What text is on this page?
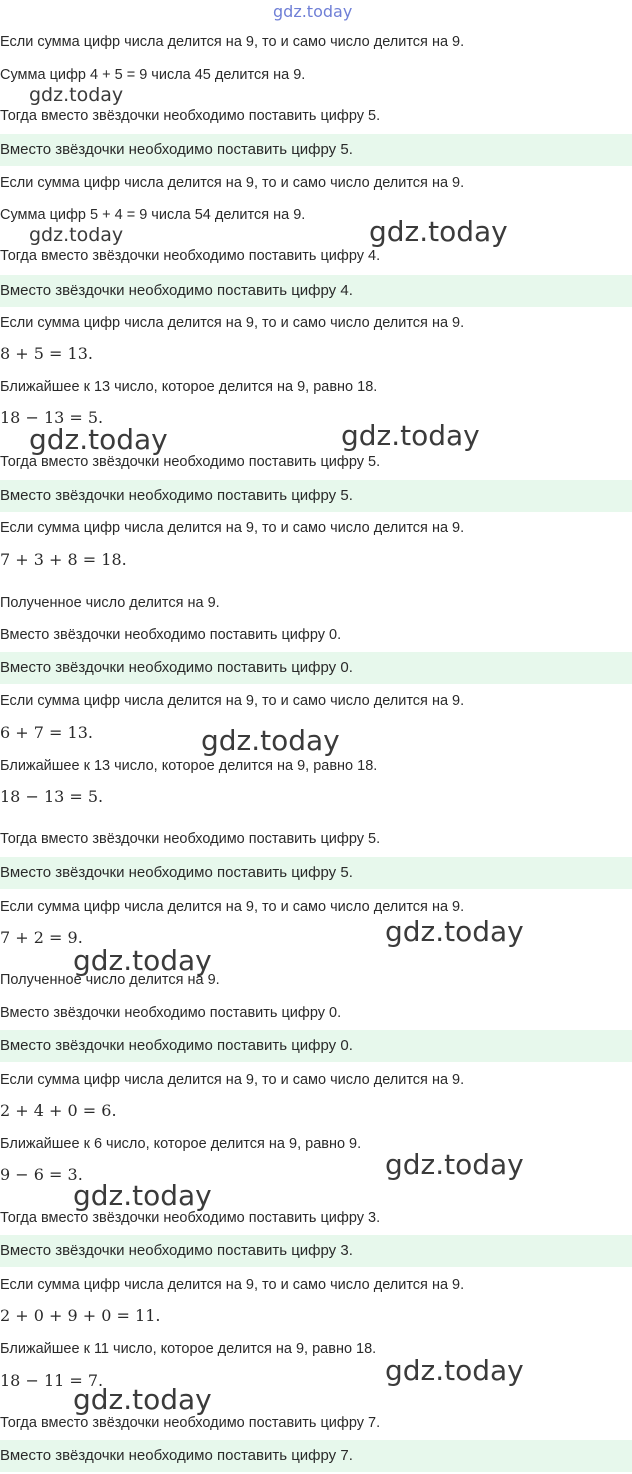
gdz.today
Если сумма цифр числа делится на 9, то и само число делится на 9.
Сумма цифр 4 + 5 = 9 числа 45 делится на 9.
gdz.today
Тогда вместо звёздочки необходимо поставить цифру 5.
Вместо звёздочки необходимо поставить цифру 5.
Если сумма цифр числа делится на 9, то и само число делится на 9.
Сумма цифр 5 + 4 = 9 числа 54 делится на 9.
gdz.today	gdz.today
Тогда вместо звёздочки необходимо поставить цифру 4.
Вместо звёздочки необходимо поставить цифру 4.
Если сумма цифр числа делится на 9, то и само число делится на 9.
8 + 5 = 13.
Ближайшее к 13 число, которое делится на 9, равно 18.
18 − 13 = 5.
gdz.today	gdz.today
Тогда вместо звёздочки необходимо поставить цифру 5.
Вместо звёздочки необходимо поставить цифру 5.
Если сумма цифр числа делится на 9, то и само число делится на 9.
7 + 3 + 8 = 18.
Полученное число делится на 9.
Вместо звёздочки необходимо поставить цифру 0.
Вместо звёздочки необходимо поставить цифру 0.
Если сумма цифр числа делится на 9, то и само число делится на 9.
6 + 7 = 13.	gdz.today
Ближайшее к 13 число, которое делится на 9, равно 18.
18 − 13 = 5.
Тогда вместо звёздочки необходимо поставить цифру 5.
Вместо звёздочки необходимо поставить цифру 5.
Если сумма цифр числа делится на 9, то и само число делится на 9.
7 + 2 = 9.	gdz.today
gdz.today
Полученное число делится на 9.
Вместо звёздочки необходимо поставить цифру 0.
Вместо звёздочки необходимо поставить цифру 0.
Если сумма цифр числа делится на 9, то и само число делится на 9.
2 + 4 + 0 = 6.
Ближайшее к 6 число, которое делится на 9, равно 9.
gdz.today
9 − 6 = 3.
gdz.today
Тогда вместо звёздочки необходимо поставить цифру 3.
Вместо звёздочки необходимо поставить цифру 3.
Если сумма цифр числа делится на 9, то и само число делится на 9.
2 + 0 + 9 + 0 = 11.
Ближайшее к 11 число, которое делится на 9, равно 18.
gdz.today
18 − 11 = 7.
gdz.today
Тогда вместо звёздочки необходимо поставить цифру 7.
Вместо звёздочки необходимо поставить цифру 7.
